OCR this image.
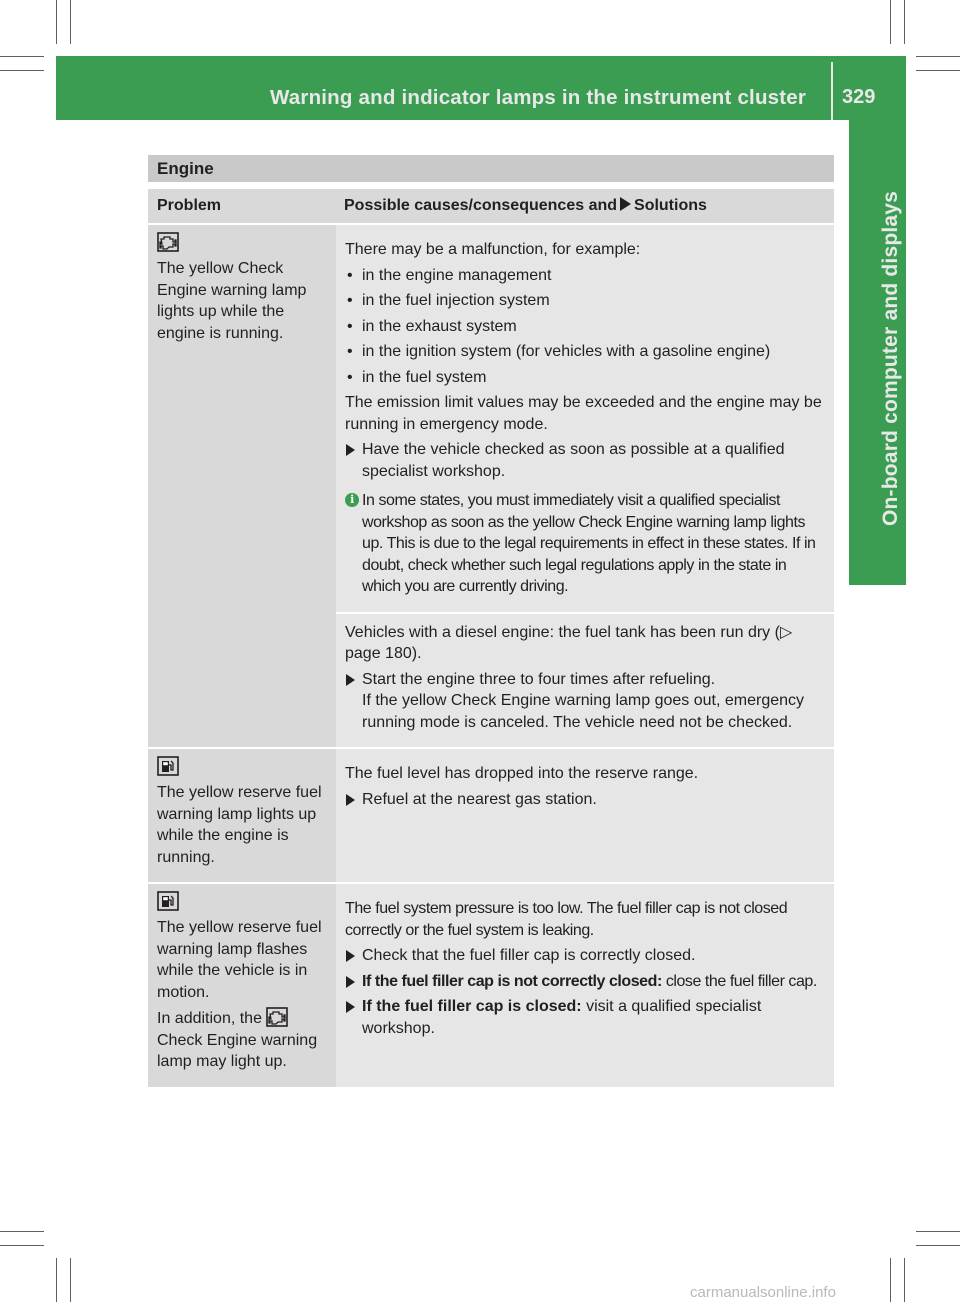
Warning and indicator lamps in the instrument cluster 329
On-board computer and displays
Engine
Problem	Possible causes/consequences and Solutions

The yellow Check Engine warning lamp lights up while the engine is running.

There may be a malfunction, for example:

• in the engine management
• in the fuel injection system
• in the exhaust system
• in the ignition system (for vehicles with a gasoline engine)
• in the fuel system

The emission limit values may be exceeded and the engine may be running in emergency mode.

Have the vehicle checked as soon as possible at a qualified specialist workshop.
i In some states, you must immediately visit a qualified specialist workshop as soon as the yellow Check Engine warning lamp lights up. This is due to the legal requirements in effect in these states. If in doubt, check whether such legal regulations apply in the state in which you are currently driving.

Vehicles with a diesel engine: the fuel tank has been run dry (▷ page 180).

Start the engine three to four times after refueling.
If the yellow Check Engine warning lamp goes out, emergency running mode is canceled. The vehicle need not be checked.

The yellow reserve fuel warning lamp lights up while the engine is running.

The fuel level has dropped into the reserve range.

Refuel at the nearest gas station.

The yellow reserve fuel warning lamp flashes while the vehicle is in motion.

In addition, the  Check Engine warning lamp may light up.

The fuel system pressure is too low. The fuel filler cap is not closed correctly or the fuel system is leaking.

Check that the fuel filler cap is correctly closed.
If the fuel filler cap is not correctly closed: close the fuel filler cap.
If the fuel filler cap is closed: visit a qualified specialist workshop.
carmanualsonline.info
